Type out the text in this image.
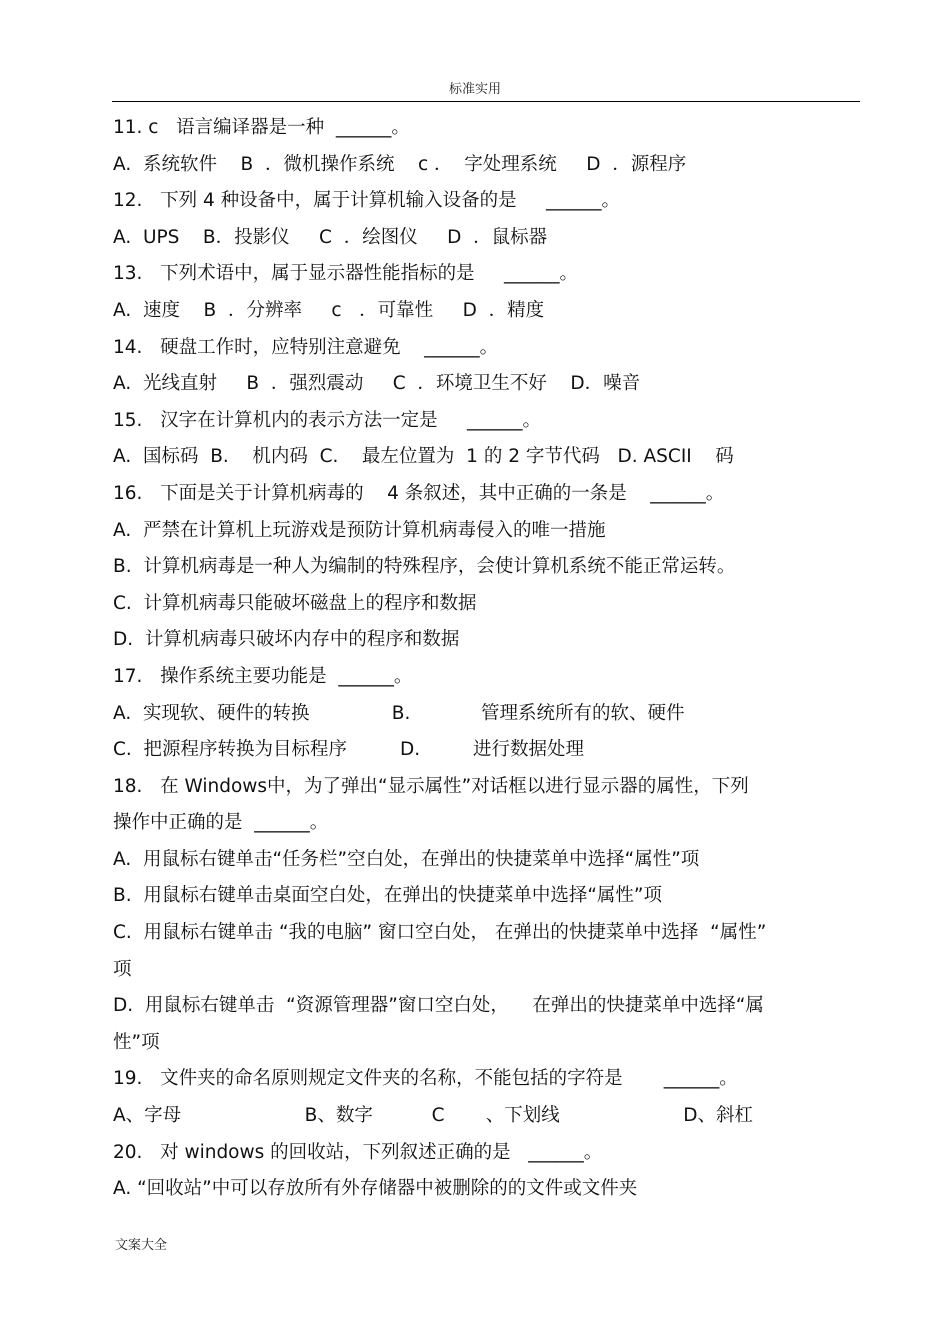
标准实用
11. c   语言编译器是一种  ______。
A.  系统软件    B  ．微机操作系统    c ．  字处理系统     D  ．源程序
12.   下列 4 种设备中，属于计算机输入设备的是     ______。
A.  UPS    B．投影仪     C  ．绘图仪     D  ．鼠标器
13.   下列术语中，属于显示器性能指标的是     ______。
A.  速度    B  ．分辨率     c   ．可靠性     D  ．精度
14.   硬盘工作时，应特别注意避免    ______。
A.  光线直射     B  ．强烈震动     C  ．环境卫生不好    D．噪音
15.   汉字在计算机内的表示方法一定是     ______。
A.  国标码  B.    机内码  C.    最左位置为  1 的 2 字节代码   D. ASCII    码
16.   下面是关于计算机病毒的    4 条叙述，其中正确的一条是    ______。
A.  严禁在计算机上玩游戏是预防计算机病毒侵入的唯一措施
B.  计算机病毒是一种人为编制的特殊程序，会使计算机系统不能正常运转。
C.  计算机病毒只能破坏磁盘上的程序和数据
D.  计算机病毒只破坏内存中的程序和数据
17.   操作系统主要功能是  ______。
A.  实现软、硬件的转换              B.            管理系统所有的软、硬件
C.  把源程序转换为目标程序         D.         进行数据处理
18.   在 Windows中，为了弹出“显示属性”对话框以进行显示器的属性，下列
操作中正确的是  ______。
A.  用鼠标右键单击“任务栏”空白处，在弹出的快捷菜单中选择“属性”项
B.  用鼠标右键单击桌面空白处，在弹出的快捷菜单中选择“属性”项
C.  用鼠标右键单击 “我的电脑” 窗口空白处， 在弹出的快捷菜单中选择  “属性”
项
D.  用鼠标右键单击  “资源管理器”窗口空白处，    在弹出的快捷菜单中选择“属
性”项
19.   文件夹的命名原则规定文件夹的名称，不能包括的字符是       ______。
A、字母                     B、数字          C       、下划线                     D、斜杠
20.   对 windows 的回收站，下列叙述正确的是   ______。
A. “回收站”中可以存放所有外存储器中被删除的的文件或文件夹
文案大全
